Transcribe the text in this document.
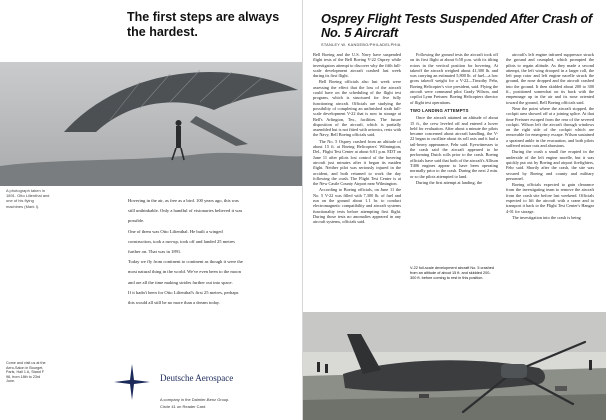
The first steps are always the hardest.

A photograph taken in 1891. Otto Lilienthal and one of his flying machines (Mark I).

Hovering in the air, as free as a bird. 100 years ago, this was still unthinkable. Only a handful of visionaries believed it was possible.

One of them was Otto Lilienthal. He built a winged construction, took a run-up, took off and landed 25 metres further on. That was in 1891.

Today we fly from continent to continent as though it were the most natural thing in the world. We've even been to the moon and are all the time making strides further out into space.

If it hadn't been for Otto Lilienthal's first 25 metres, perhaps this would all still be no more than a dream today.

Come and visit us at the Aero-Salon in Bourget, Paris, Hall 1 A, Stand F 98, from 18th to 23rd June.	Deutsche Aerospace

A company in the Daimler-Benz Group.

Circle 41 on Reader Card

Osprey Flight Tests Suspended After Crash of No. 5 Aircraft

STANLEY W. KANDEBO/PHILADELPHIA

Bell Boeing and the U.S. Navy have suspended flight tests of the Bell Boeing V-22 Osprey while investigators attempt to discover why the fifth full-scale development aircraft crashed last week during its first flight.

Bell Boeing officials also last week were assessing the effect that the loss of the aircraft could have on the scheduling of the flight test program, which is structured for five fully functioning aircraft. Officials are studying the possibility of completing an unfinished sixth full-scale development V-22 that is now in storage at Bell's Arlington, Tex., facilities. The future disposition of the aircraft, which is partially assembled but is not fitted with avionics, rests with the Navy, Bell Boeing officials said.

The No. 5 Osprey crashed from an altitude of about 15 ft. at Boeing Helicopters' Wilmington, Del., Flight Test Center at about 6:01 p.m. EDT on June 11 after pilots lost control of the hovering aircraft just minutes after it began its maiden flight. Neither pilot was seriously injured in the accident, and both returned to work the day following the crash. The Flight Test Center is at the New Castle County Airport near Wilmington.

According to Boeing officials, on June 11 the No. 5 V-22 was filled with 7,300 lb. of fuel and run on the ground about 1.1 hr. to conduct electromagnetic compatibility and aircraft systems functionality tests before attempting first flight. During those tests no anomalies appeared in any aircraft systems, officials said.

Following the ground tests the aircraft took off on its first flight at about 6:58 p.m. with its tilting rotors in the vertical position for hovering. At takeoff the aircraft weighed about 41,300 lb. and was carrying an estimated 5,800 lb. of fuel—a low gross takeoff weight for a V-22—Timothy Fehr, Boeing Helicopter's vice president, said. Flying the aircraft were command pilot Grady Wilson, and copilot Lynn Freisner. Boeing Helicopters director of flight test operations.

TWO LANDING ATTEMPTS

Once the aircraft attained an altitude of about 15 ft., the crew leveled off and entered a hover held for evaluation. After about a minute the pilots became concerned about aircraft handling, the V-22 began to oscillate about its roll axis and it had a tail-heavy appearance, Fehr said. Eyewitnesses to the crash said the aircraft appeared to be performing Dutch rolls prior to the crash. Boeing officials have said that both of the aircraft's Allison T406 engines appear to have been operating normally prior to the crash. During the next 2 min. or so the pilots attempted to land.

During the first attempt at landing, the

aircraft's left engine infrared suppressor struck the ground and crumpled, which prompted the pilots to regain altitude. As they made a second attempt, the left wing drooped in a larger roll, the left prop rotor and left engine nacelle struck the ground, the nose dropped and the aircraft crashed into the ground. It then skidded about 200 to 300 ft., positioned somewhat on its back with the empennage up in the air and its nose oriented toward the ground, Bell Boeing officials said.

Near the point where the aircraft stopped, the cockpit area showed off at a joining splice. At that time Freisner escaped from the rear of the severed cockpit. Wilson left the aircraft through windows on the right side of the cockpit which are removable for emergency escape. Wilson sustained a sprained ankle in the evacuation, and both pilots suffered minor cuts and abrasions.

During the crash a small fire erupted in the underside of the left engine nacelle, but it was quickly put out by Boeing and airport firefighters, Fehr said. Shortly after the crash, the site was secured by Boeing and county and military personnel.

Boeing officials expected to gain clearance from the investigating team to remove the aircraft from the crash site before last weekend. Officials expected to lift the aircraft with a crane and to transport it back to the Flight Test Center's Hangar 4-01 for storage.

The investigation into the crash is being

V-22 full-scale development aircraft No. 5 crashed from an altitude of about 15 ft. and skidded 200-300 ft. before coming to rest in this position.
